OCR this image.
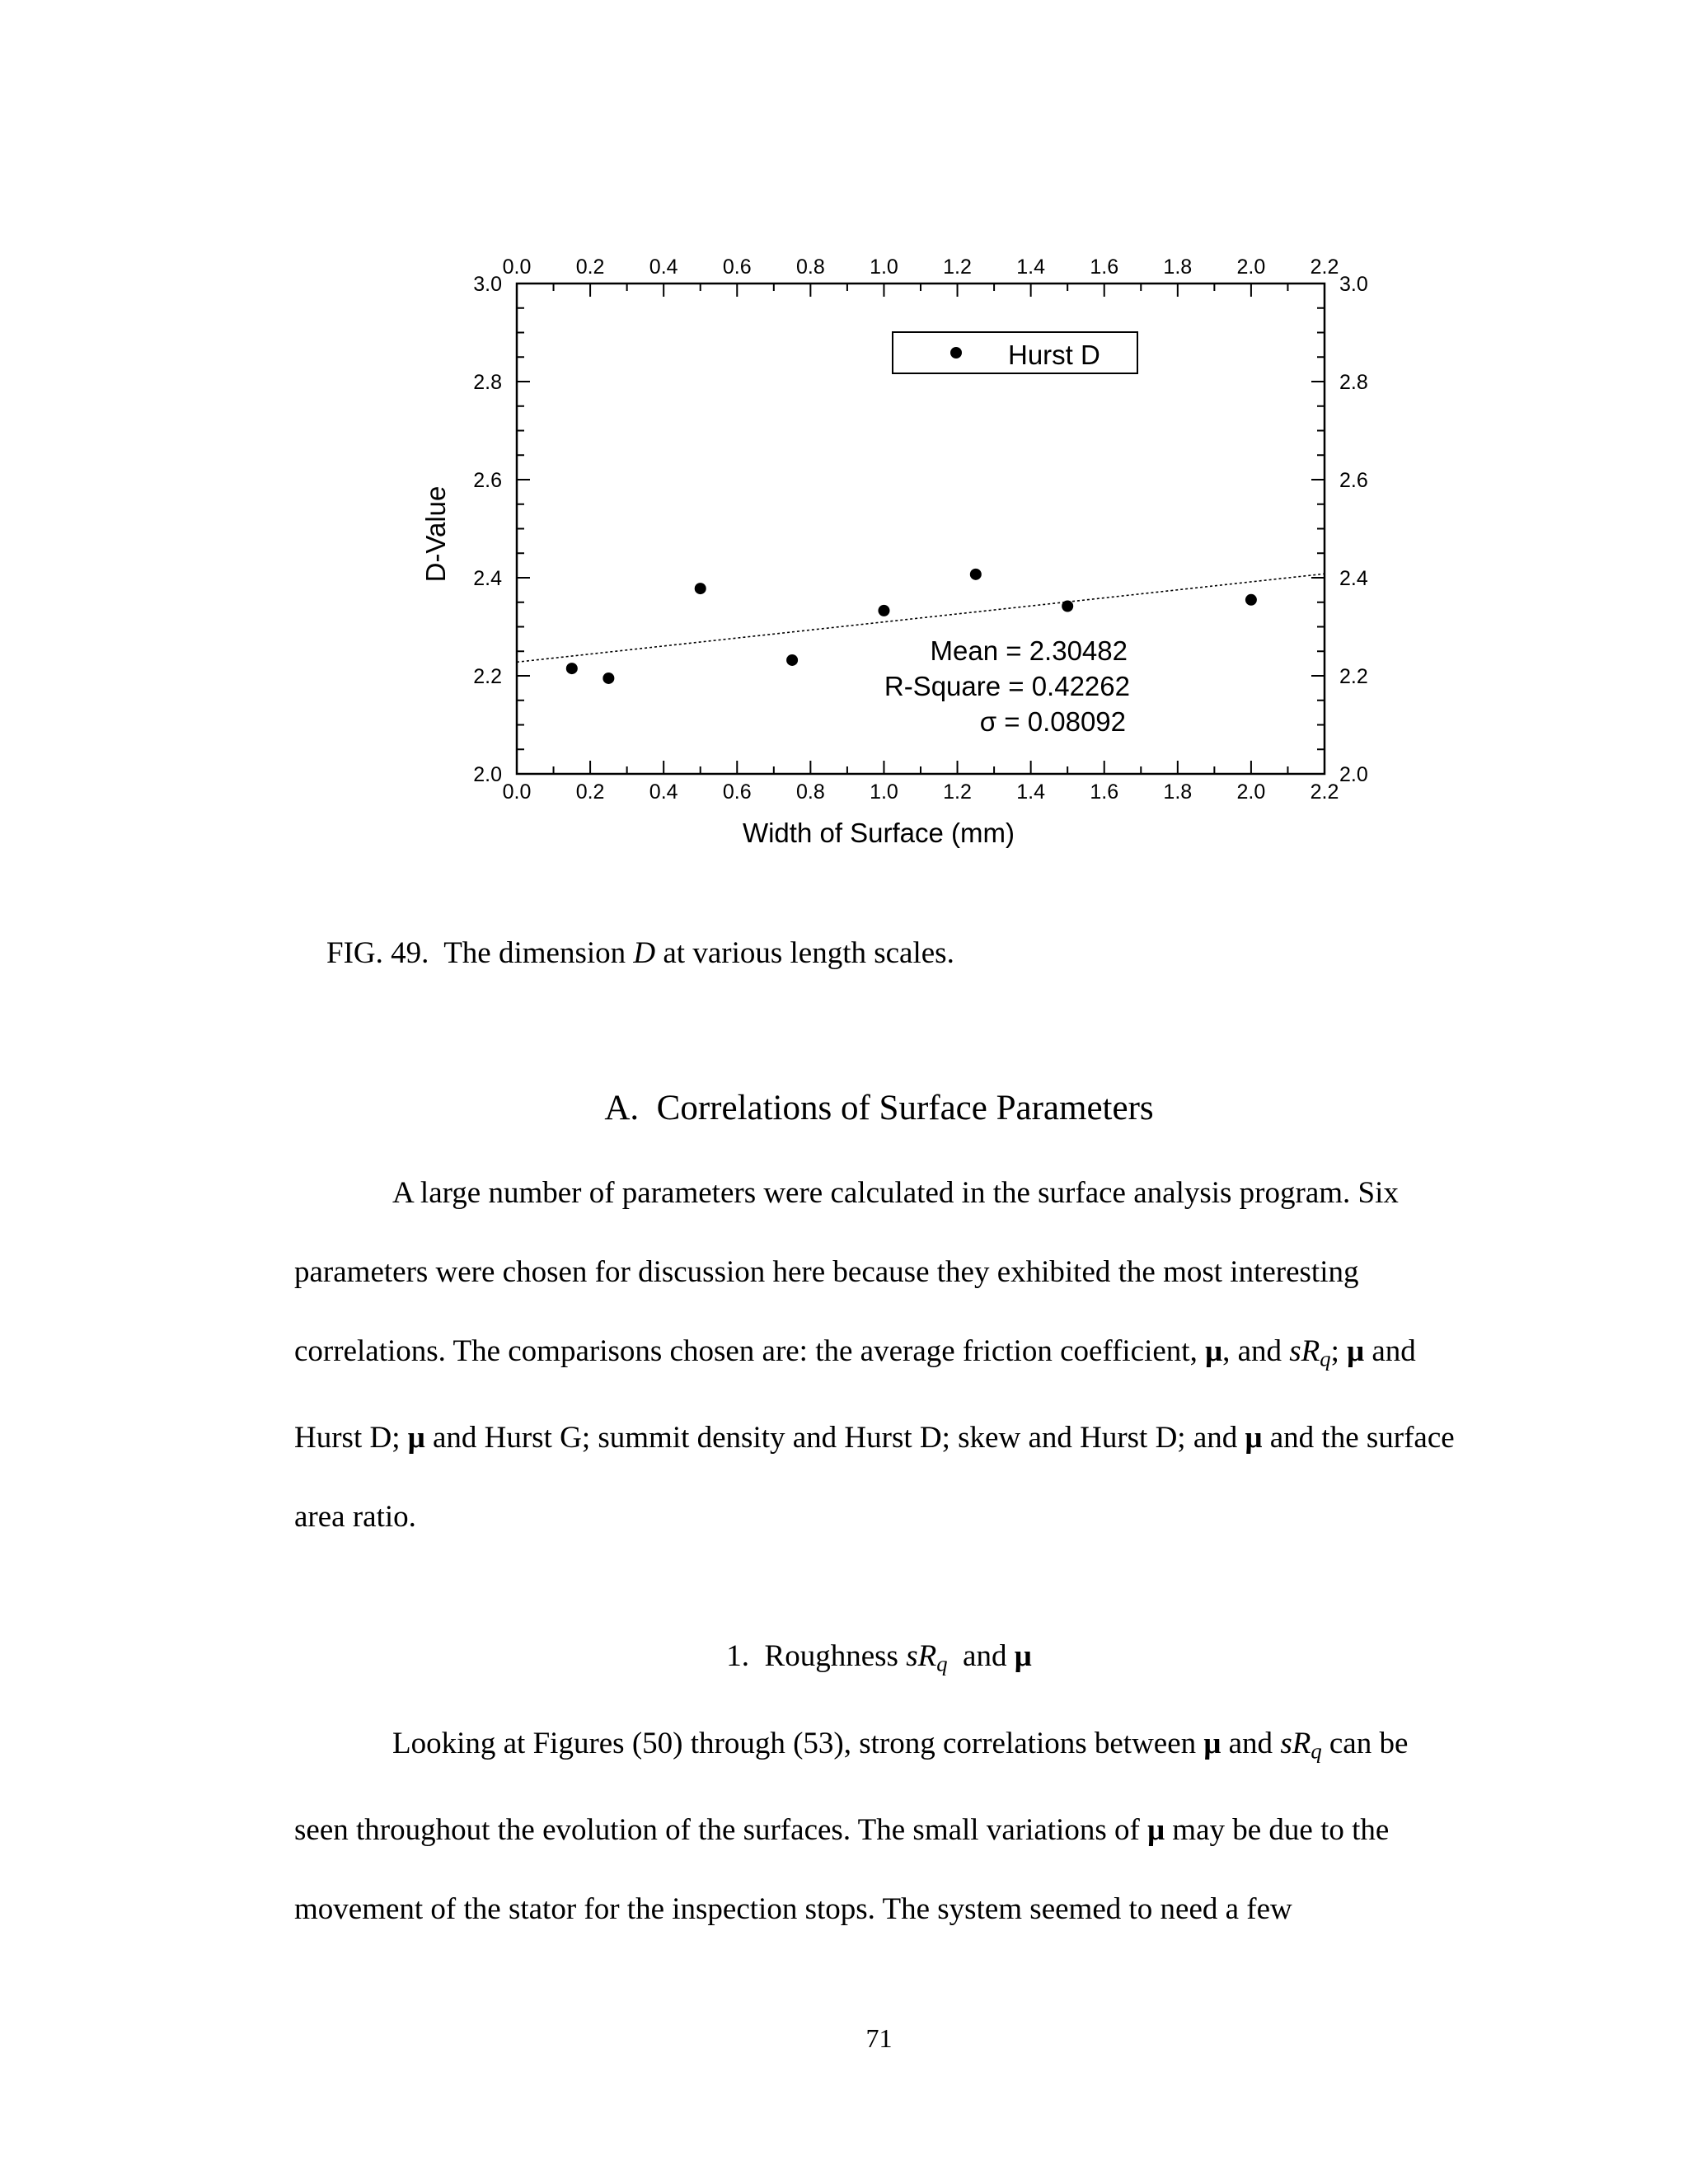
0.0
0.0
0.2
0.2
0.4
0.4
0.6
0.6
0.8
0.8
1.0
1.0
1.2
1.2
1.4
1.4
1.6
1.6
1.8
1.8
2.0
2.0
2.2
2.2
2.0	2.0
2.2	2.2
2.4	2.4
2.6	2.6
2.8	2.8
3.0	3.0
Hurst D
Mean = 2.30482
R-Square = 0.42262
σ = 0.08092
Width of Surface (mm)
D-Value
FIG. 49.  The dimension D at various length scales.
A.  Correlations of Surface Parameters
A large number of parameters were calculated in the surface analysis program. Six parameters were chosen for discussion here because they exhibited the most interesting correlations. The comparisons chosen are: the average friction coefficient, μ, and $sR_q$; μ and Hurst D; μ and Hurst G; summit density and Hurst D; skew and Hurst D; and μ and the surface area ratio.
1.  Roughness $sR_q$  and μ
Looking at Figures (50) through (53), strong correlations between μ and $sR_q$ can be seen throughout the evolution of the surfaces. The small variations of μ may be due to the movement of the stator for the inspection stops. The system seemed to need a few
71
